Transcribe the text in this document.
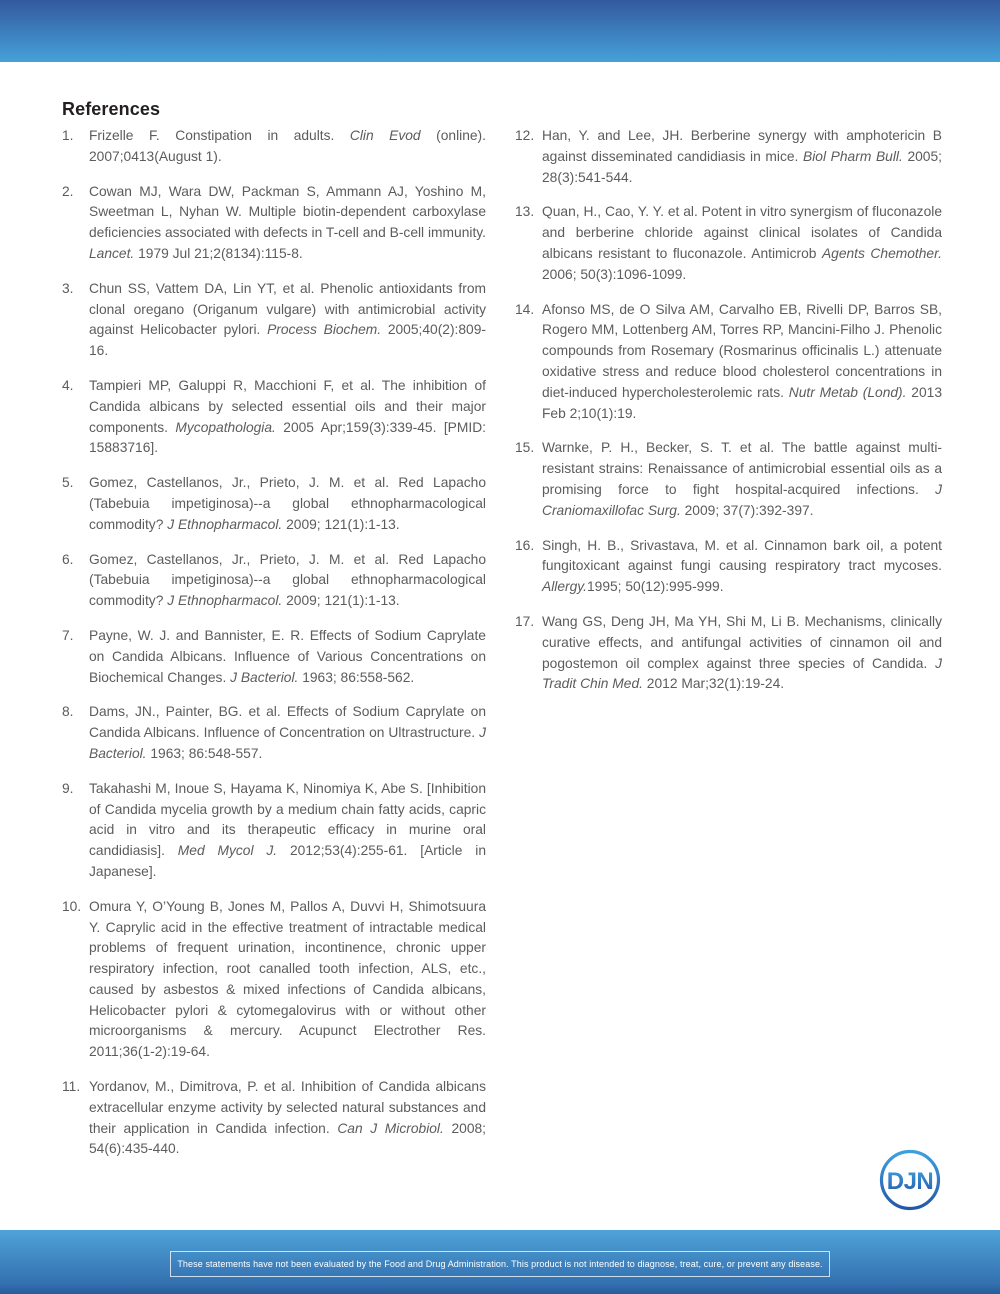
References
1. Frizelle F. Constipation in adults. Clin Evod (online). 2007;0413(August 1).
2. Cowan MJ, Wara DW, Packman S, Ammann AJ, Yoshino M, Sweetman L, Nyhan W. Multiple biotin-dependent carboxylase deficiencies associated with defects in T-cell and B-cell immunity. Lancet. 1979 Jul 21;2(8134):115-8.
3. Chun SS, Vattem DA, Lin YT, et al. Phenolic antioxidants from clonal oregano (Origanum vulgare) with antimicrobial activity against Helicobacter pylori. Process Biochem. 2005;40(2):809-16.
4. Tampieri MP, Galuppi R, Macchioni F, et al. The inhibition of Candida albicans by selected essential oils and their major components. Mycopathologia. 2005 Apr;159(3):339-45. [PMID: 15883716].
5. Gomez, Castellanos, Jr., Prieto, J. M. et al. Red Lapacho (Tabebuia impetiginosa)--a global ethnopharmacological commodity? J Ethnopharmacol. 2009; 121(1):1-13.
6. Gomez, Castellanos, Jr., Prieto, J. M. et al. Red Lapacho (Tabebuia impetiginosa)--a global ethnopharmacological commodity? J Ethnopharmacol. 2009; 121(1):1-13.
7. Payne, W. J. and Bannister, E. R. Effects of Sodium Caprylate on Candida Albicans. Influence of Various Concentrations on Biochemical Changes. J Bacteriol. 1963; 86:558-562.
8. Dams, JN., Painter, BG. et al. Effects of Sodium Caprylate on Candida Albicans. Influence of Concentration on Ultrastructure. J Bacteriol. 1963; 86:548-557.
9. Takahashi M, Inoue S, Hayama K, Ninomiya K, Abe S. [Inhibition of Candida mycelia growth by a medium chain fatty acids, capric acid in vitro and its therapeutic efficacy in murine oral candidiasis]. Med Mycol J. 2012;53(4):255-61. [Article in Japanese].
10. Omura Y, O’Young B, Jones M, Pallos A, Duvvi H, Shimotsuura Y. Caprylic acid in the effective treatment of intractable medical problems of frequent urination, incontinence, chronic upper respiratory infection, root canalled tooth infection, ALS, etc., caused by asbestos & mixed infections of Candida albicans, Helicobacter pylori & cytomegalovirus with or without other microorganisms & mercury. Acupunct Electrother Res. 2011;36(1-2):19-64.
11. Yordanov, M., Dimitrova, P. et al. Inhibition of Candida albicans extracellular enzyme activity by selected natural substances and their application in Candida infection. Can J Microbiol. 2008; 54(6):435-440.
12. Han, Y. and Lee, JH. Berberine synergy with amphotericin B against disseminated candidiasis in mice. Biol Pharm Bull. 2005; 28(3):541-544.
13. Quan, H., Cao, Y. Y. et al. Potent in vitro synergism of fluconazole and berberine chloride against clinical isolates of Candida albicans resistant to fluconazole. Antimicrob Agents Chemother. 2006; 50(3):1096-1099.
14. Afonso MS, de O Silva AM, Carvalho EB, Rivelli DP, Barros SB, Rogero MM, Lottenberg AM, Torres RP, Mancini-Filho J. Phenolic compounds from Rosemary (Rosmarinus officinalis L.) attenuate oxidative stress and reduce blood cholesterol concentrations in diet-induced hypercholesterolemic rats. Nutr Metab (Lond). 2013 Feb 2;10(1):19.
15. Warnke, P. H., Becker, S. T. et al. The battle against multi-resistant strains: Renaissance of antimicrobial essential oils as a promising force to fight hospital-acquired infections. J Craniomaxillofac Surg. 2009; 37(7):392-397.
16. Singh, H. B., Srivastava, M. et al. Cinnamon bark oil, a potent fungitoxicant against fungi causing respiratory tract mycoses. Allergy.1995; 50(12):995-999.
17. Wang GS, Deng JH, Ma YH, Shi M, Li B. Mechanisms, clinically curative effects, and antifungal activities of cinnamon oil and pogostemon oil complex against three species of Candida. J Tradit Chin Med. 2012 Mar;32(1):19-24.
DJN
These statements have not been evaluated by the Food and Drug Administration. This product is not intended to diagnose, treat, cure, or prevent any disease.
